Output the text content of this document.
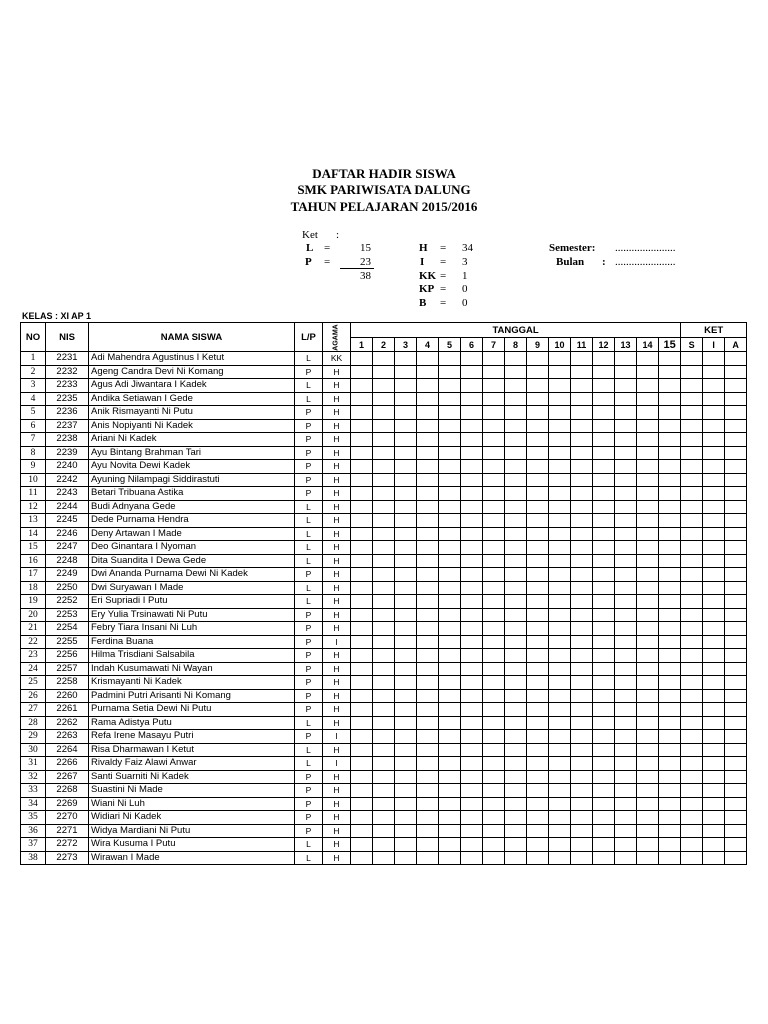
DAFTAR HADIR SISWA
SMK PARIWISATA DALUNG
TAHUN PELAJARAN 2015/2016
Ket :
L =	15
P =	23
38
H = 34
I = 3
KK = 1
KP = 0
B = 0
Semester: ......................
Bulan : ......................
KELAS : XI AP 1
NO	NIS	NAMA SISWA	L/P	AGAMA	TANGGAL															KET		
					1	2	3	4	5	6	7	8	9	10	11	12	13	14	15	S	I	A
1	2231	Adi Mahendra Agustinus I Ketut	L	KK																		
2	2232	Ageng Candra Devi Ni Komang	P	H																		
3	2233	Agus Adi Jiwantara I Kadek	L	H																		
4	2235	Andika Setiawan I Gede	L	H																		
5	2236	Anik Rismayanti Ni Putu	P	H																		
6	2237	Anis Nopiyanti Ni Kadek	P	H																		
7	2238	Ariani Ni Kadek	P	H																		
8	2239	Ayu Bintang Brahman Tari	P	H																		
9	2240	Ayu Novita Dewi Kadek	P	H																		
10	2242	Ayuning Nilampagi Siddirastuti	P	H																		
11	2243	Betari Tribuana Astika	P	H																		
12	2244	Budi Adnyana Gede	L	H																		
13	2245	Dede Purnama Hendra	L	H																		
14	2246	Deny Artawan I Made	L	H																		
15	2247	Deo Ginantara I Nyoman	L	H																		
16	2248	Dita Suandita I Dewa Gede	L	H																		
17	2249	Dwi Ananda Purnama Dewi Ni Kadek	P	H																		
18	2250	Dwi Suryawan I Made	L	H																		
19	2252	Eri Supriadi I Putu	L	H																		
20	2253	Ery Yulia Trsinawati Ni Putu	P	H																		
21	2254	Febry Tiara Insani Ni Luh	P	H																		
22	2255	Ferdina Buana	P	I																		
23	2256	Hilma Trisdiani Salsabila	P	H																		
24	2257	Indah Kusumawati Ni Wayan	P	H																		
25	2258	Krismayanti Ni Kadek	P	H																		
26	2260	Padmini Putri Arisanti Ni Komang	P	H																		
27	2261	Purnama Setia Dewi Ni Putu	P	H																		
28	2262	Rama Adistya Putu	L	H																		
29	2263	Refa Irene Masayu Putri	P	I																		
30	2264	Risa Dharmawan I Ketut	L	H																		
31	2266	Rivaldy Faiz Alawi Anwar	L	I																		
32	2267	Santi Suarniti Ni Kadek	P	H																		
33	2268	Suastini Ni Made	P	H																		
34	2269	Wiani Ni Luh	P	H																		
35	2270	Widiari Ni Kadek	P	H																		
36	2271	Widya Mardiani Ni Putu	P	H																		
37	2272	Wira Kusuma I Putu	L	H																		
38	2273	Wirawan I Made	L	H																		
